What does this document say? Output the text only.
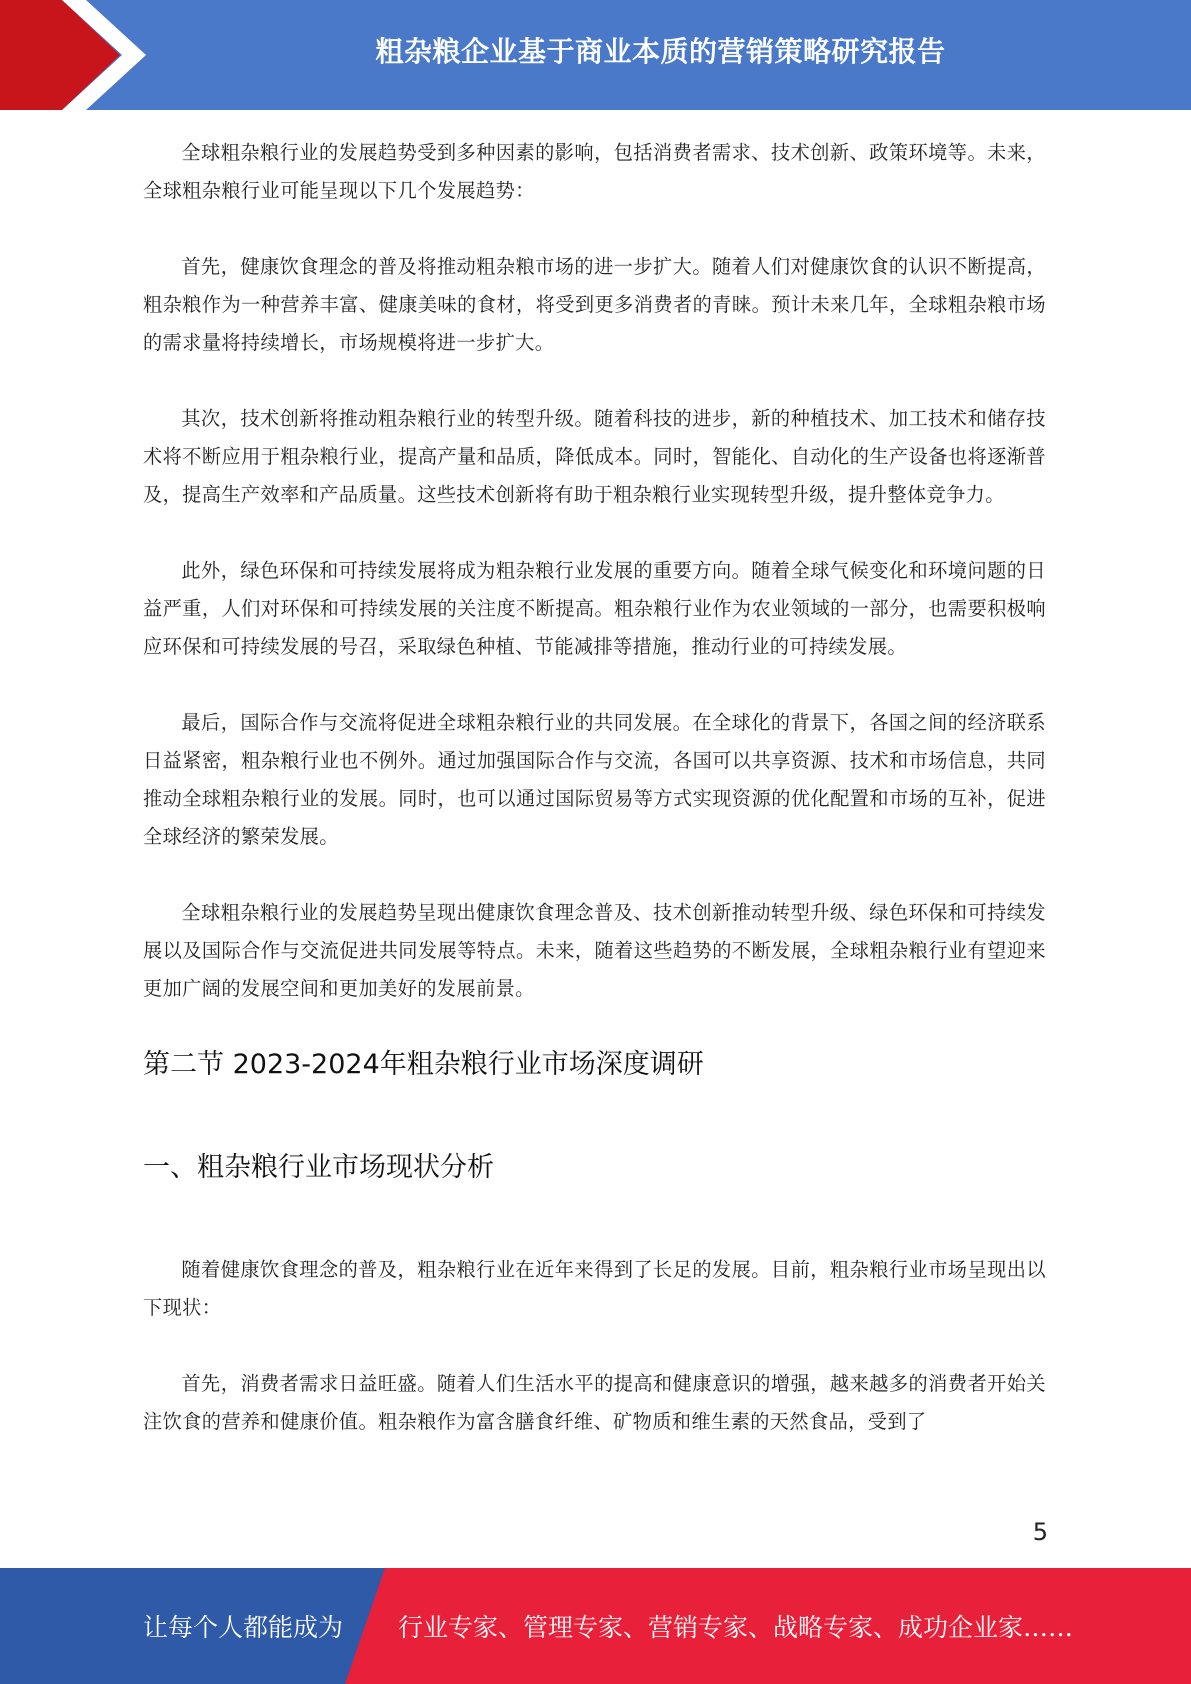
粗杂粮企业基于商业本质的营销策略研究报告

全球粗杂粮行业的发展趋势受到多种因素的影响，包括消费者需求、技术创新、政策环境等。未来，全球粗杂粮行业可能呈现以下几个发展趋势：

首先，健康饮食理念的普及将推动粗杂粮市场的进一步扩大。随着人们对健康饮食的认识不断提高，粗杂粮作为一种营养丰富、健康美味的食材，将受到更多消费者的青睐。预计未来几年，全球粗杂粮市场的需求量将持续增长，市场规模将进一步扩大。

其次，技术创新将推动粗杂粮行业的转型升级。随着科技的进步，新的种植技术、加工技术和储存技术将不断应用于粗杂粮行业，提高产量和品质，降低成本。同时，智能化、自动化的生产设备也将逐渐普及，提高生产效率和产品质量。这些技术创新将有助于粗杂粮行业实现转型升级，提升整体竞争力。

此外，绿色环保和可持续发展将成为粗杂粮行业发展的重要方向。随着全球气候变化和环境问题的日益严重，人们对环保和可持续发展的关注度不断提高。粗杂粮行业作为农业领域的一部分，也需要积极响应环保和可持续发展的号召，采取绿色种植、节能减排等措施，推动行业的可持续发展。

最后，国际合作与交流将促进全球粗杂粮行业的共同发展。在全球化的背景下，各国之间的经济联系日益紧密，粗杂粮行业也不例外。通过加强国际合作与交流，各国可以共享资源、技术和市场信息，共同推动全球粗杂粮行业的发展。同时，也可以通过国际贸易等方式实现资源的优化配置和市场的互补，促进全球经济的繁荣发展。

全球粗杂粮行业的发展趋势呈现出健康饮食理念普及、技术创新推动转型升级、绿色环保和可持续发展以及国际合作与交流促进共同发展等特点。未来，随着这些趋势的不断发展，全球粗杂粮行业有望迎来更加广阔的发展空间和更加美好的发展前景。

第二节 2023-2024年粗杂粮行业市场深度调研
一、粗杂粮行业市场现状分析

随着健康饮食理念的普及，粗杂粮行业在近年来得到了长足的发展。目前，粗杂粮行业市场呈现出以下现状：

首先，消费者需求日益旺盛。随着人们生活水平的提高和健康意识的增强，越来越多的消费者开始关注饮食的营养和健康价值。粗杂粮作为富含膳食纤维、矿物质和维生素的天然食品，受到了

5
让每个人都能成为 行业专家、管理专家、营销专家、战略专家、成功企业家……
